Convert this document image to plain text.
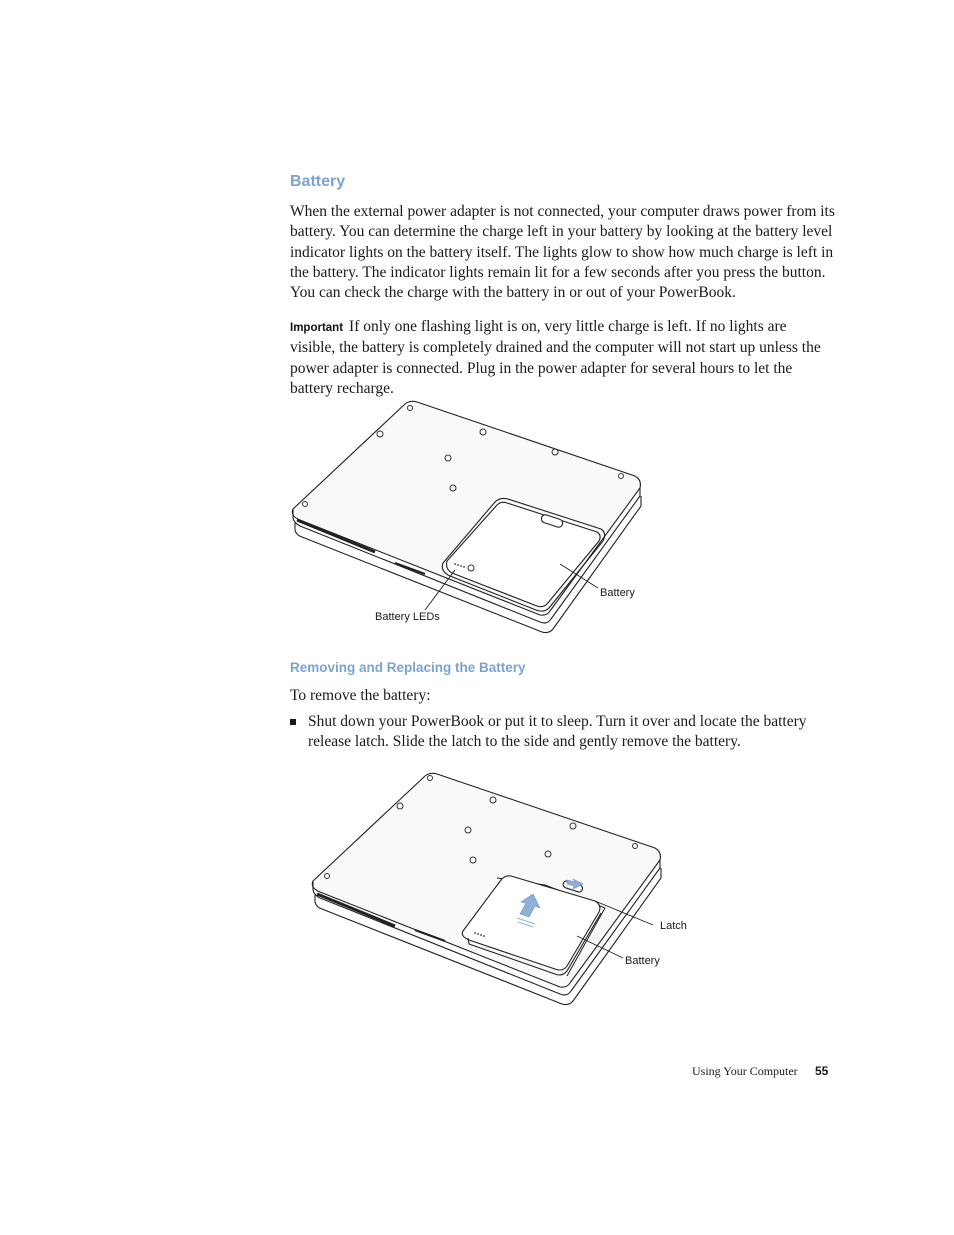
Battery

When the external power adapter is not connected, your computer draws power from its battery. You can determine the charge left in your battery by looking at the battery level indicator lights on the battery itself. The lights glow to show how much charge is left in the battery. The indicator lights remain lit for a few seconds after you press the button. You can check the charge with the battery in or out of your PowerBook.

Important If only one flashing light is on, very little charge is left. If no lights are visible, the battery is completely drained and the computer will not start up unless the power adapter is connected. Plug in the power adapter for several hours to let the battery recharge.

Battery
Battery LEDs
Removing and Replacing the Battery

To remove the battery:

Shut down your PowerBook or put it to sleep. Turn it over and locate the battery release latch. Slide the latch to the side and gently remove the battery.
Latch
Battery
Using Your Computer 55
